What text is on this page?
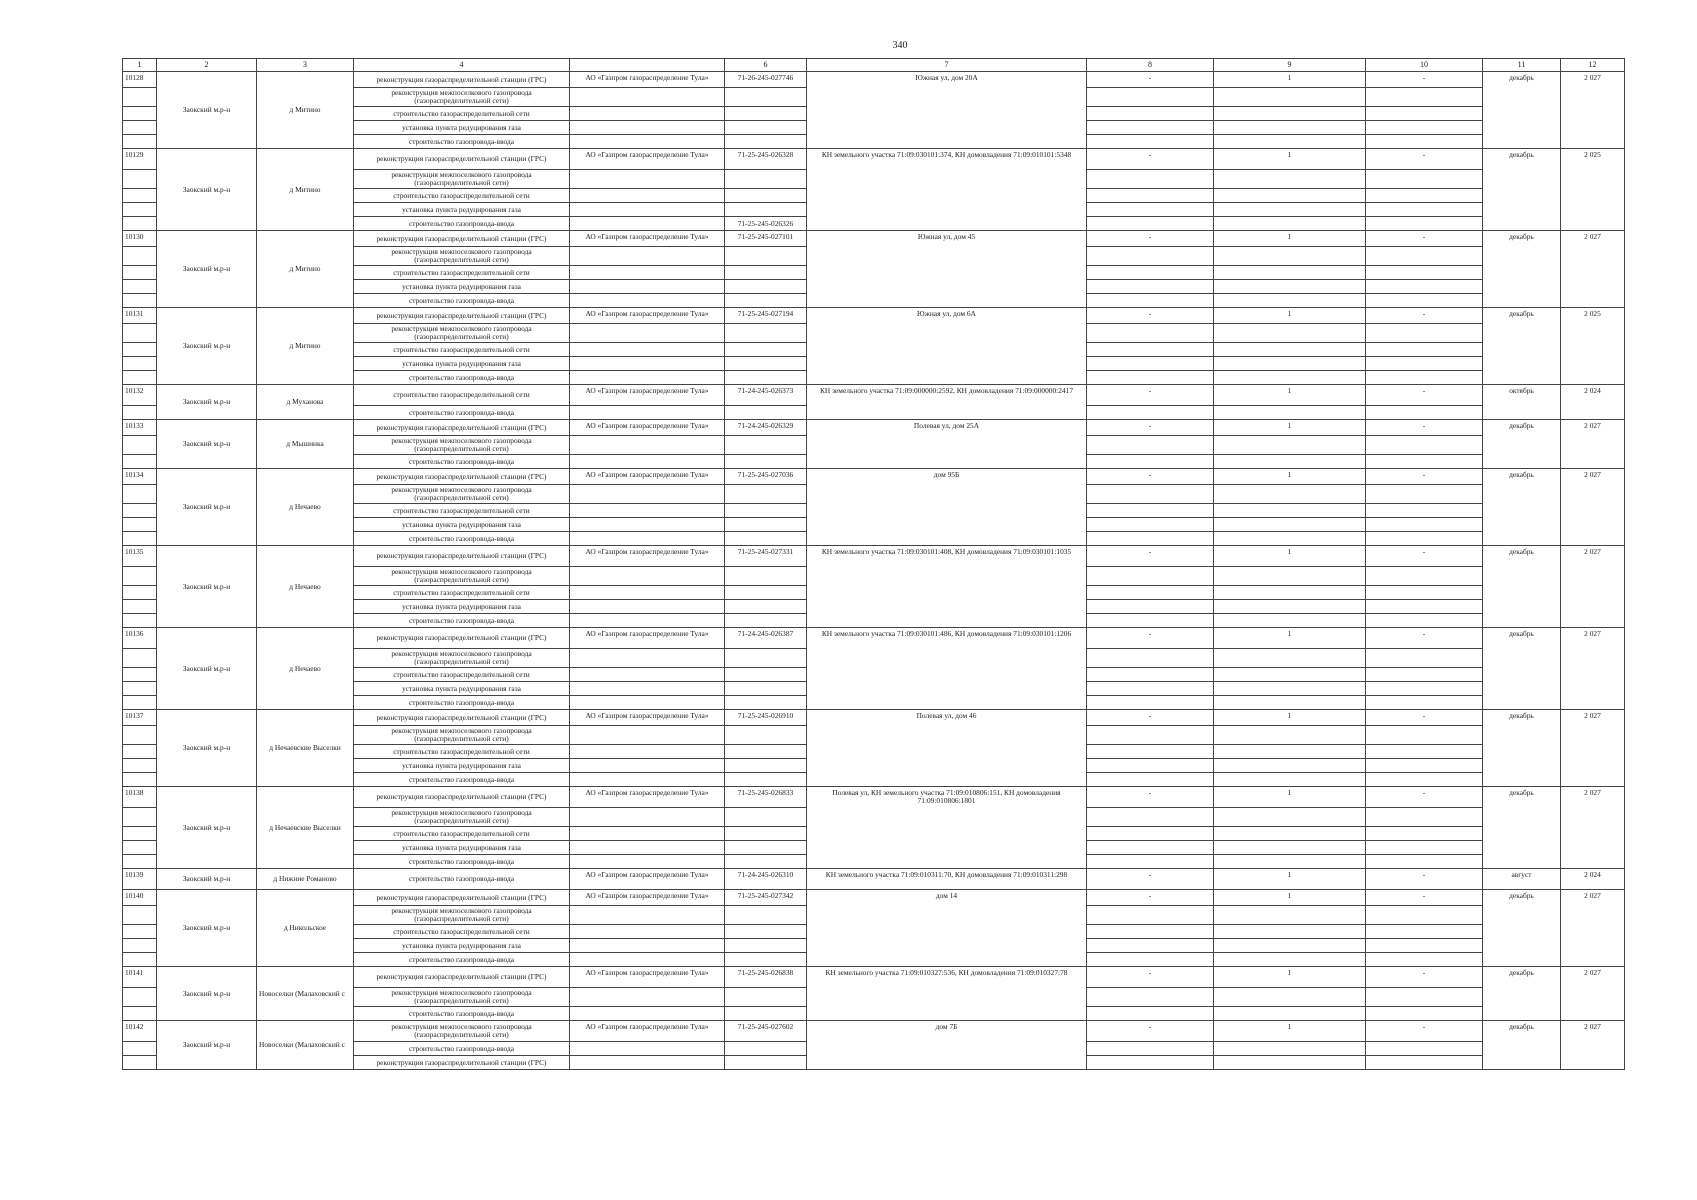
340
1	2	3	4		6	7	8	9	10	11	12
10128	Заокский м.р-н	д Митино	реконструкция газораспределительной станции (ГРС)	АО «Газпром газораспределение Тула»	71-26-245-027746	Южная ул, дом 20А	-	1	-	декабрь	2 027
			реконструкция межпоселкового газопровода (газораспределительной сети)								
			строительство газораспределительной сети								
			установка пункта редуцирования газа								
			строительство газопровода-ввода								
10129	Заокский м.р-н	д Митино	реконструкция газораспределительной станции (ГРС)	АО «Газпром газораспределение Тула»	71-25-245-026328	КН земельного участка 71:09:030101:374, КН домовладения 71:09:010101:5348	-	1	-	декабрь	2 025
			реконструкция межпоселкового газопровода (газораспределительной сети)								
			строительство газораспределительной сети								
			установка пункта редуцирования газа								
			строительство газопровода-ввода		71-25-245-026326						
10130	Заокский м.р-н	д Митино	реконструкция газораспределительной станции (ГРС)	АО «Газпром газораспределение Тула»	71-25-245-027101	Южная ул, дом 45	-	1	-	декабрь	2 027
			реконструкция межпоселкового газопровода (газораспределительной сети)								
			строительство газораспределительной сети								
			установка пункта редуцирования газа								
			строительство газопровода-ввода								
10131	Заокский м.р-н	д Митино	реконструкция газораспределительной станции (ГРС)	АО «Газпром газораспределение Тула»	71-25-245-027194	Южная ул, дом 6А	-	1	-	декабрь	2 025
			реконструкция межпоселкового газопровода (газораспределительной сети)								
			строительство газораспределительной сети								
			установка пункта редуцирования газа								
			строительство газопровода-ввода								
10132	Заокский м.р-н	д Муханова	строительство газораспределительной сети	АО «Газпром газораспределение Тула»	71-24-245-026373	КН земельного участка 71:09:000000:2592, КН домовладения 71:09:000000:2417	-	1	-	октябрь	2 024
			строительство газопровода-ввода								
10133	Заокский м.р-н	д Мышинка	реконструкция газораспределительной станции (ГРС)	АО «Газпром газораспределение Тула»	71-24-245-026329	Полевая ул, дом 25А	-	1	-	декабрь	2 027
			реконструкция межпоселкового газопровода (газораспределительной сети)								
			строительство газопровода-ввода								
10134	Заокский м.р-н	д Нечаево	реконструкция газораспределительной станции (ГРС)	АО «Газпром газораспределение Тула»	71-25-245-027036	дом 95Б	-	1	-	декабрь	2 027
			реконструкция межпоселкового газопровода (газораспределительной сети)								
			строительство газораспределительной сети								
			установка пункта редуцирования газа								
			строительство газопровода-ввода								
10135	Заокский м.р-н	д Нечаево	реконструкция газораспределительной станции (ГРС)	АО «Газпром газораспределение Тула»	71-25-245-027331	КН земельного участка 71:09:030101:408, КН домовладения 71:09:030101:1035	-	1	-	декабрь	2 027
			реконструкция межпоселкового газопровода (газораспределительной сети)								
			строительство газораспределительной сети								
			установка пункта редуцирования газа								
			строительство газопровода-ввода								
10136	Заокский м.р-н	д Нечаево	реконструкция газораспределительной станции (ГРС)	АО «Газпром газораспределение Тула»	71-24-245-026387	КН земельного участка 71:09:030101:486, КН домовладения 71:09:030101:1206	-	1	-	декабрь	2 027
			реконструкция межпоселкового газопровода (газораспределительной сети)								
			строительство газораспределительной сети								
			установка пункта редуцирования газа								
			строительство газопровода-ввода								
10137	Заокский м.р-н	д Нечаевские Выселки	реконструкция газораспределительной станции (ГРС)	АО «Газпром газораспределение Тула»	71-25-245-026910	Полевая ул, дом 46	-	1	-	декабрь	2 027
			реконструкция межпоселкового газопровода (газораспределительной сети)								
			строительство газораспределительной сети								
			установка пункта редуцирования газа								
			строительство газопровода-ввода								
10138	Заокский м.р-н	д Нечаевские Выселки	реконструкция газораспределительной станции (ГРС)	АО «Газпром газораспределение Тула»	71-25-245-026833	Полевая ул, КН земельного участка 71:09:010806:151, КН домовладения 71:09:010806:1801	-	1	-	декабрь	2 027
			реконструкция межпоселкового газопровода (газораспределительной сети)								
			строительство газораспределительной сети								
			установка пункта редуцирования газа								
			строительство газопровода-ввода								
10139	Заокский м.р-н	д Нижние Романово	строительство газопровода-ввода	АО «Газпром газораспределение Тула»	71-24-245-026310	КН земельного участка 71:09:010311:70, КН домовладения 71:09:010311:298	-	1	-	август	2 024
10140	Заокский м.р-н	д Никольское	реконструкция газораспределительной станции (ГРС)	АО «Газпром газораспределение Тула»	71-25-245-027342	дом 14	-	1	-	декабрь	2 027
			реконструкция межпоселкового газопровода (газораспределительной сети)								
			строительство газораспределительной сети								
			установка пункта редуцирования газа								
			строительство газопровода-ввода								
10141	Заокский м.р-н	Новоселки (Малаховский с	реконструкция газораспределительной станции (ГРС)	АО «Газпром газораспределение Тула»	71-25-245-026838	КН земельного участка 71:09:010327:536, КН домовладения 71:09:010327:78	-	1	-	декабрь	2 027
			реконструкция межпоселкового газопровода (газораспределительной сети)								
			строительство газопровода-ввода								
10142	Заокский м.р-н	Новоселки (Малаховский с	реконструкция межпоселкового газопровода (газораспределительной сети)	АО «Газпром газораспределение Тула»	71-25-245-027602	дом 7Б	-	1	-	декабрь	2 027
			строительство газопровода-ввода								
			реконструкция газораспределительной станции (ГРС)								
